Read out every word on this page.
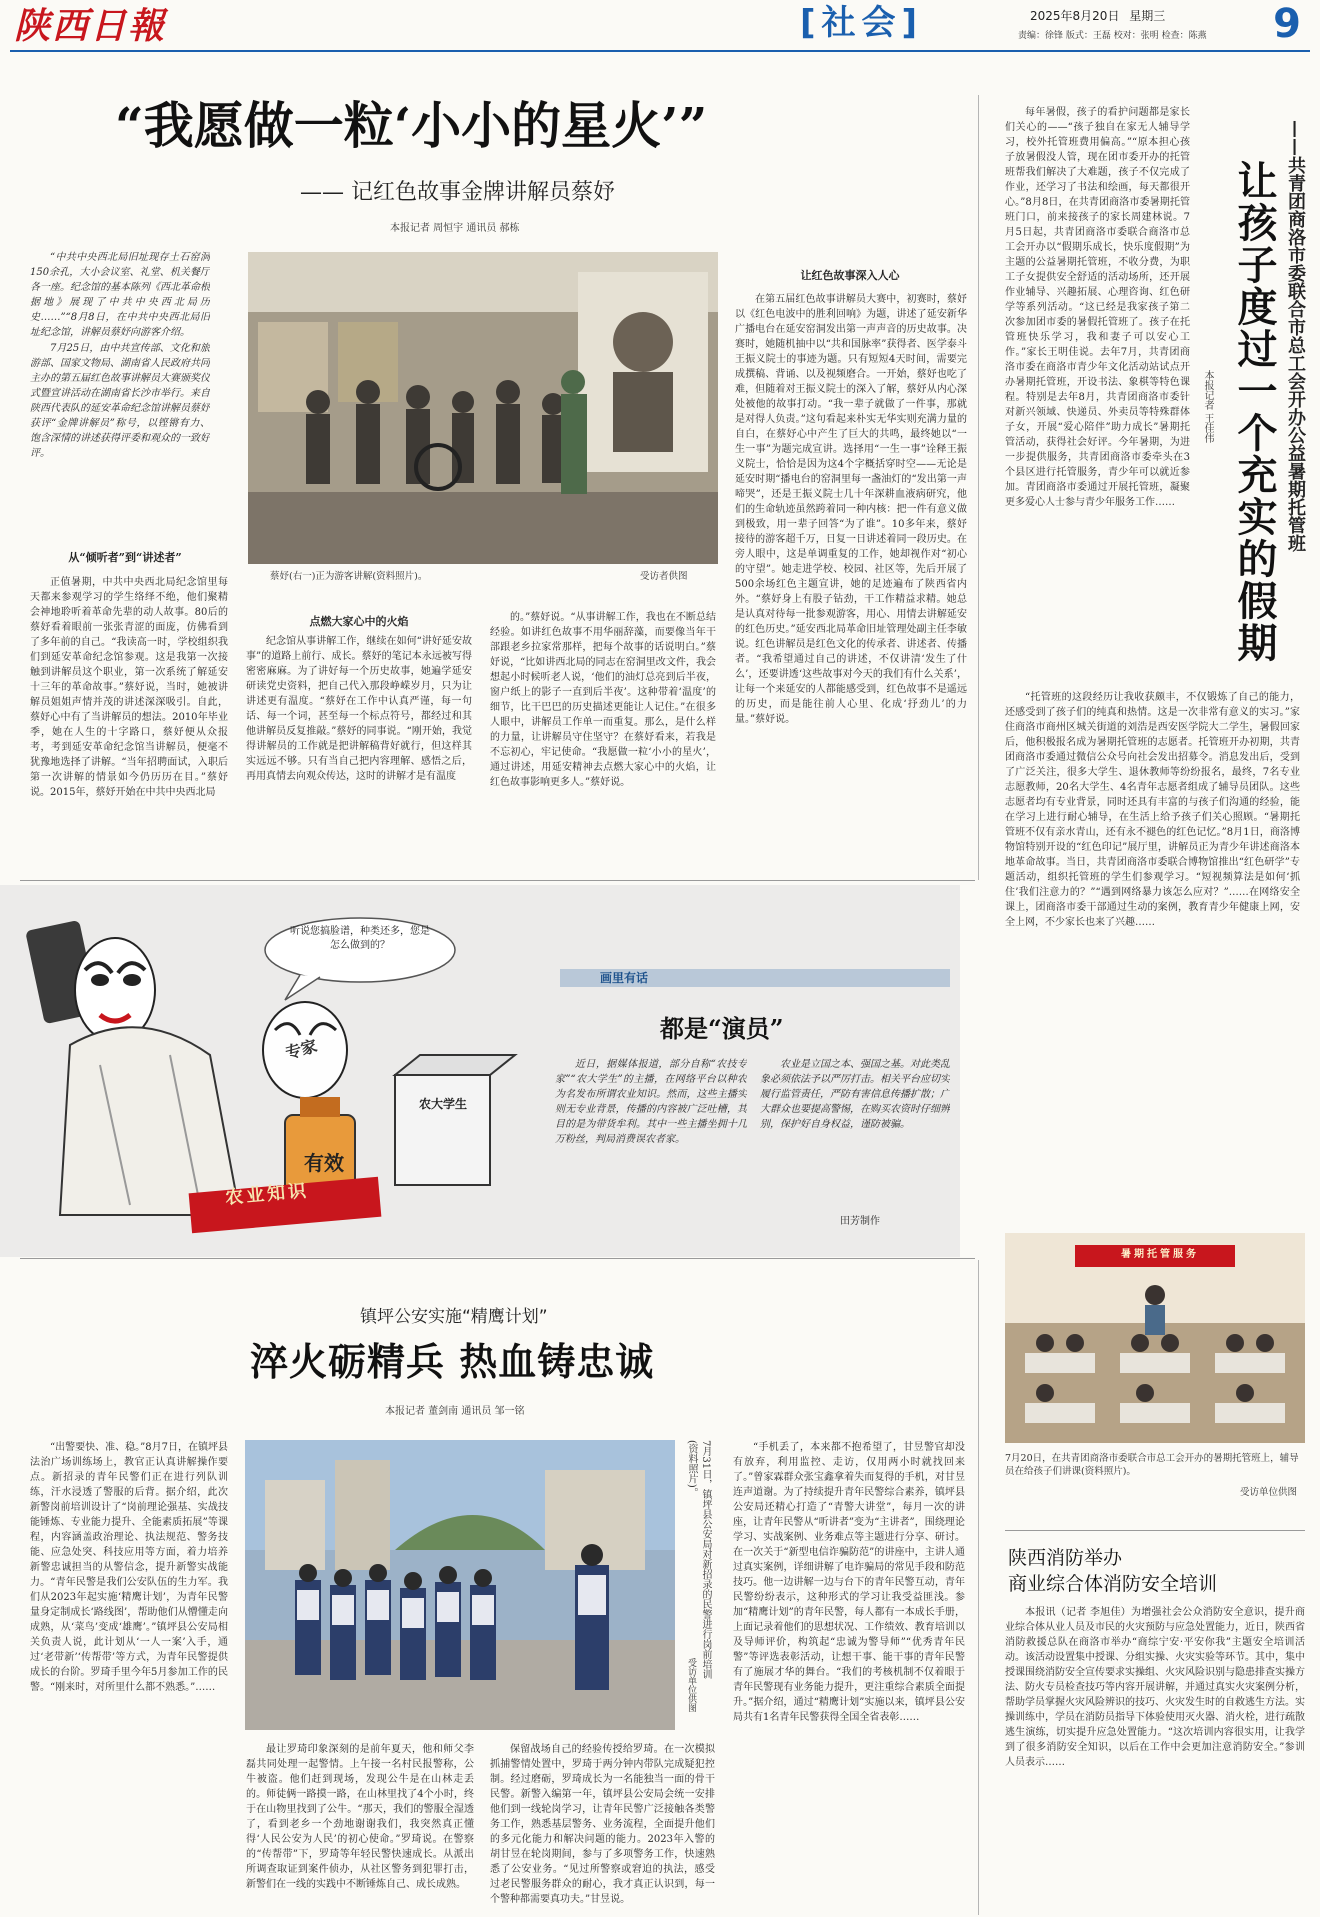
陕西日報	[社会]	2025年8月20日 星期三
责编：徐锋 版式：王磊 校对：张明 检查：陈燕 9
“我愿做一粒‘小小的星火’”
—— 记红色故事金牌讲解员蔡妤
本报记者 周恒宇 通讯员 郝栋

“中共中央西北局旧址现存土石窑洞150余孔，大小会议室、礼堂、机关餐厅各一座。纪念馆的基本陈列《西北革命根据地》展现了中共中央西北局历史……”“8月8日，在中共中央西北局旧址纪念馆，讲解员蔡妤向游客介绍。

7月25日，由中共宣传部、文化和旅游部、国家文物局、湖南省人民政府共同主办的第五届红色故事讲解员大赛颁奖仪式暨宣讲活动在湖南省长沙市举行。来自陕西代表队的延安革命纪念馆讲解员蔡妤获评“金牌讲解员”称号，以铿锵有力、饱含深情的讲述获得评委和观众的一致好评。

从“倾听者”到“讲述者”
蔡妤(右一)正为游客讲解(资料照片)。	受访者供图

正值暑期，中共中央西北局纪念馆里每天都来参观学习的学生络绎不绝，他们聚精会神地聆听着革命先辈的动人故事。80后的蔡妤看着眼前一张张青涩的面庞，仿佛看到了多年前的自己。“我读高一时，学校组织我们到延安革命纪念馆参观。这是我第一次接触到讲解员这个职业，第一次系统了解延安十三年的革命故事。”蔡妤说，当时，她被讲解员姐姐声情并茂的讲述深深吸引。自此，蔡妤心中有了当讲解员的想法。2010年毕业季，她在人生的十字路口，蔡妤便从众报考，考到延安革命纪念馆当讲解员，便毫不犹豫地选择了讲解。“当年招聘面试，入职后第一次讲解的情景如今仍历历在目。”蔡妤说。2015年，蔡妤开始在中共中央西北局

点燃大家心中的火焰

纪念馆从事讲解工作，继续在如何“讲好延安故事”的道路上前行、成长。蔡妤的笔记本永远被写得密密麻麻。为了讲好每一个历史故事，她遍学延安研读党史资料，把自己代入那段峥嵘岁月，只为让讲述更有温度。“蔡妤在工作中认真严谨，每一句话、每一个词，甚至每一个标点符号，都经过和其他讲解员反复推敲。”蔡妤的同事说。“刚开始，我觉得讲解员的工作就是把讲解稿背好就行，但这样其实远远不够。只有当自己把内容理解、感悟之后，再用真情去向观众传达，这时的讲解才是有温度

的。”蔡妤说。“从事讲解工作，我也在不断总结经验。如讲红色故事不用华丽辞藻，而要像当年干部跟老乡拉家常那样，把每个故事的话说明白。”蔡妤说，“比如讲西北局的同志在窑洞里改文件，我会想起小时候听老人说，‘他们的油灯总亮到后半夜，窗户纸上的影子一直到后半夜’。这种带着‘温度’的细节，比干巴巴的历史描述更能让人记住。”在很多人眼中，讲解员工作单一而重复。那么，是什么样的力量，让讲解员守住坚守？在蔡妤看来，若我是不忘初心，牢记使命。“我愿做一粒‘小小的星火’，通过讲述，用延安精神去点燃大家心中的火焰，让红色故事影响更多人。”蔡妤说。

让红色故事深入人心

在第五届红色故事讲解员大赛中，初赛时，蔡妤以《红色电波中的胜利回响》为题，讲述了延安新华广播电台在延安窑洞发出第一声声音的历史故事。决赛时，她随机抽中以“共和国脉率”获得者、医学泰斗王振义院士的事迹为题。只有短短4天时间，需要完成撰稿、背诵、以及视频磨合。一开始，蔡妤也吃了难，但随着对王振义院士的深入了解，蔡妤从内心深处被他的故事打动。“我一辈子就做了一件事，那就是对得人负责。”这句看起来朴实无华实则充满力量的自白，在蔡妤心中产生了巨大的共鸣，最终她以“一生一事”为题完成宣讲。选择用“一生一事”诠释王振义院士，恰恰是因为这4个字概括穿时空——无论是延安时期“播电台的窑洞里每一盏油灯的“发出第一声啼哭”，还是王振义院士几十年深耕血液病研究，他们的生命轨迹虽然跨着同一种内核：把一件有意义做到极致，用一辈子回答“为了谁”。10多年来，蔡妤接待的游客超千万，日复一日讲述着同一段历史。在旁人眼中，这是单调重复的工作，她却视作对“初心的守望”。她走进学校、校园、社区等，先后开展了500余场红色主题宣讲，她的足迹遍布了陕西省内外。“蔡妤身上有股子钻劲，干工作精益求精。她总是认真对待每一批参观游客，用心、用情去讲解延安的红色历史。”延安西北局革命旧址管理处副主任李敏说。红色讲解员是红色文化的传承者、讲述者、传播者。“我希望通过自己的讲述，不仅讲清‘发生了什么’，还要讲透‘这些故事对今天的我们有什么关系’，让每一个来延安的人都能感受到，红色故事不是遥远的历史，而是能往前人心里、化成‘抒劲儿’的力量。”蔡妤说。

听说您搞脸谱，种类还多，您是怎么做到的？
专家
有效
农大学生
农业知识
画里有话
都是“演员”

近日，据媒体报道，部分自称“农技专家”“农大学生”的主播，在网络平台以种农为名发布所谓农业知识。然而，这些主播实则无专业背景，传播的内容被广泛吐槽，其目的是为带货牟利。其中一些主播坐拥十几万粉丝，判局消费误农者家。

农业是立国之本、强国之基。对此类乱象必须依法予以严厉打击。相关平台应切实履行监管责任，严防有害信息传播扩散；广大群众也要提高警惕，在购买农资时仔细辨别，保护好自身权益，谨防被骗。

田芳制作
镇坪公安实施“精鹰计划”
淬火砺精兵 热血铸忠诚
本报记者 董剑南 通讯员 邹一铭
7月31日，镇坪县公安局对新招录的民警进行岗前培训(资料照片)。
受访单位供图

“出警要快、准、稳。”8月7日，在镇坪县法治广场训练场上，教官正认真讲解操作要点。新招录的青年民警们正在进行列队训练，汗水浸透了警服的后背。据介绍，此次新警岗前培训设计了“岗前理论强基、实战技能锤炼、专业能力提升、全能素质拓展”等课程，内容涵盖政治理论、执法规范、警务技能、应急处突、科技应用等方面，着力培养新警忠诚担当的从警信念，提升新警实战能力。“青年民警是我们公安队伍的生力军。我们从2023年起实施‘精鹰计划’，为青年民警量身定制成长‘路线图’，帮助他们从懵懂走向成熟，从‘菜鸟’变成‘雄鹰’。”镇坪县公安局相关负责人说，此计划从‘一人一案’入手，通过‘老带新’‘传帮带’等方式，为青年民警提供成长的台阶。罗琦手里今年5月参加工作的民警。“刚来时，对所里什么都不熟悉。”……

最让罗琦印象深刻的是前年夏天，他和师父李磊共同处理一起警情。上午接一名村民报警称，公牛被盗。他们赶到现场，发现公牛是在山林走丢的。师徒俩一路摸一路，在山林里找了4个小时，终于在山物里找到了公牛。“那天，我们的警服全湿透了，看到老乡一个劲地谢谢我们，我突然真正懂得‘人民公安为人民’的初心使命。”罗琦说。在警察的“传帮带”下，罗琦等年轻民警快速成长。从派出所调查取证到案件侦办，从社区警务到犯罪打击，新警们在一线的实践中不断锤炼自己、成长成熟。

保留战场自己的经验传授给罗琦。在一次模拟抓捕警情处置中，罗琦于两分钟内带队完成疑犯控制。经过磨砺，罗琦成长为一名能独当一面的骨干民警。新警入编第一年，镇坪县公安局会统一安排他们到一线轮岗学习，让青年民警广泛接触各类警务工作，熟悉基层警务、业务流程，全面提升他们的多元化能力和解决问题的能力。2023年入警的胡甘昱在轮岗期间，参与了多项警务工作，快速熟悉了公安业务。“见过所警察或窘迫的执法，感受过老民警服务群众的耐心，我才真正认识到，每一个警种都需要真功夫。”甘昱说。

“手机丢了，本来都不抱希望了，甘昱警官却没有放弃，利用监控、走访，仅用两小时就找回来了。”曾家霖群众张宝鑫拿着失而复得的手机，对甘昱连声道谢。为了持续提升青年民警综合素养，镇坪县公安局还精心打造了“青警大讲堂”，每月一次的讲座，让青年民警从“听讲者”变为“主讲者”，围绕理论学习、实战案例、业务难点等主题进行分享、研讨。在一次关于“新型电信诈骗防范”的讲座中，主讲人通过真实案例，详细讲解了电诈骗局的常见手段和防范技巧。他一边讲解一边与台下的青年民警互动，青年民警纷纷表示，这种形式的学习让我受益匪浅。参加“精鹰计划”的青年民警，每人都有一本成长手册，上面记录着他们的思想状况、工作绩效、教育培训以及导师评价，构筑起“忠诚为警导师”“优秀青年民警”等评选表彰活动，让想干事、能干事的青年民警有了施展才华的舞台。“我们的考核机制不仅着眼于青年民警现有业务能力提升，更注重综合素质全面提升。”据介绍，通过“精鹰计划”实施以来，镇坪县公安局共有1名青年民警获得全国全省表彰……

让孩子度过一个充实的假期 ——共青团商洛市委联合市总工会开办公益暑期托管班
本报记者 王佳伟

每年暑假，孩子的看护问题都是家长们关心的——“孩子独自在家无人辅导学习，校外托管班费用偏高。”“原本担心孩子放暑假没人管，现在团市委开办的托管班帮我们解决了大难题，孩子不仅完成了作业，还学习了书法和绘画，每天都很开心。”8月8日，在共青团商洛市委暑期托管班门口，前来接孩子的家长周建林说。7月5日起，共青团商洛市委联合商洛市总工会开办以“假期乐成长，快乐度假期”为主题的公益暑期托管班，不收分费，为职工子女提供安全舒适的活动场所，还开展作业辅导、兴趣拓展、心理咨询、红色研学等系列活动。“这已经是我家孩子第二次参加团市委的暑假托管班了。孩子在托管班快乐学习，我和妻子可以安心工作。”家长王明佳说。去年7月，共青团商洛市委在商洛市青少年文化活动站试点开办暑期托管班，开设书法、象棋等特色课程。特别是去年8月，共青团商洛市委针对新兴领域、快递员、外卖员等特殊群体子女，开展“爱心陪伴”助力成长”暑期托管活动，获得社会好评。今年暑期，为进一步提供服务，共青团商洛市委牵头在3个县区进行托管服务，青少年可以就近参加。青团商洛市委通过开展托管班，凝聚更多爱心人士参与青少年服务工作……

“托管班的这段经历让我收获颇丰，不仅锻炼了自己的能力，还感受到了孩子们的纯真和热情。这是一次非常有意义的实习。”家住商洛市商州区城关街道的刘浩是西安医学院大二学生，暑假回家后，他积极报名成为暑期托管班的志愿者。托管班开办初期，共青团商洛市委通过微信公众号向社会发出招募令。消息发出后，受到了广泛关注，很多大学生、退休教师等纷纷报名，最终，7名专业志愿教师，20名大学生、4名青年志愿者组成了辅导员团队。这些志愿者均有专业背景，同时还具有丰富的与孩子们沟通的经验，能在学习上进行耐心辅导，在生活上给予孩子们关心照顾。“暑期托管班不仅有亲水青山，还有永不褪色的红色记忆。”8月1日，商洛博物馆特别开设的“红色印记”展厅里，讲解员正为青少年讲述商洛本地革命故事。当日，共青团商洛市委联合博物馆推出“红色研学”专题活动，组织托管班的学生们参观学习。“短视频算法是如何‘抓住’我们注意力的？”“遇到网络暴力该怎么应对？”……在网络安全课上，团商洛市委干部通过生动的案例，教育青少年健康上网，安全上网，不少家长也来了兴趣……

暑期托管服务
7月20日，在共青团商洛市委联合市总工会开办的暑期托管班上，辅导员在给孩子们讲课(资料照片)。
受访单位供图
陕西消防举办
商业综合体消防安全培训

本报讯（记者 李旭佳）为增强社会公众消防安全意识，提升商业综合体从业人员及市民的火灾预防与应急处置能力，近日，陕西省消防救援总队在商洛市举办“商综宁安·平安你我”主题安全培训活动。该活动设置集中授课、分组实操、火灾实验等环节。其中，集中授课围绕消防安全宣传要求实操组、火灾风险识别与隐患排查实操方法、防火专员检查技巧等内容开展讲解，并通过真实火灾案例分析，帮助学员掌握火灾风险辨识的技巧、火灾发生时的自救逃生方法。实操训练中，学员在消防员指导下体验使用灭火器、消火栓，进行疏散逃生演练，切实提升应急处置能力。“这次培训内容很实用，让我学到了很多消防安全知识，以后在工作中会更加注意消防安全。”参训人员表示……
